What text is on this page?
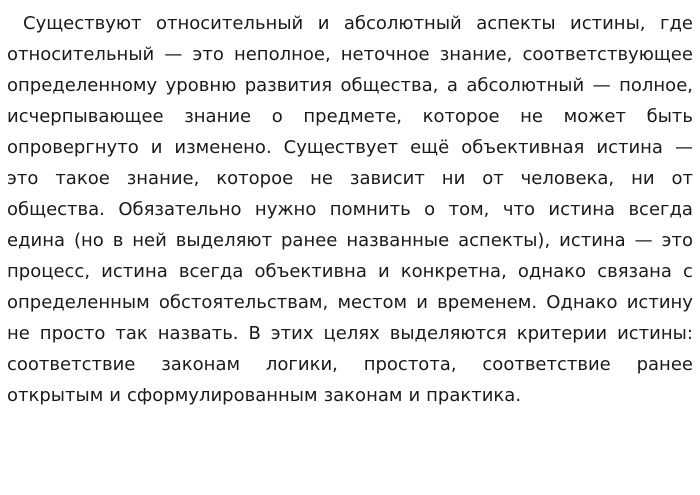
Существуют относительный и абсолютный аспекты истины, где
относительный — это неполное, неточное знание, соответствующее
определенному уровню развития общества, а абсолютный — полное,
исчерпывающее знание о предмете, которое не может быть
опровергнуто и изменено. Существует ещё объективная истина —
это такое знание, которое не зависит ни от человека, ни от
общества. Обязательно нужно помнить о том, что истина всегда
едина (но в ней выделяют ранее названные аспекты), истина — это
процесс, истина всегда объективна и конкретна, однако связана с
определенным обстоятельствам, местом и временем. Однако истину
не просто так назвать. В этих целях выделяются критерии истины:
соответствие законам логики, простота, соответствие ранее
открытым и сформулированным законам и практика.
